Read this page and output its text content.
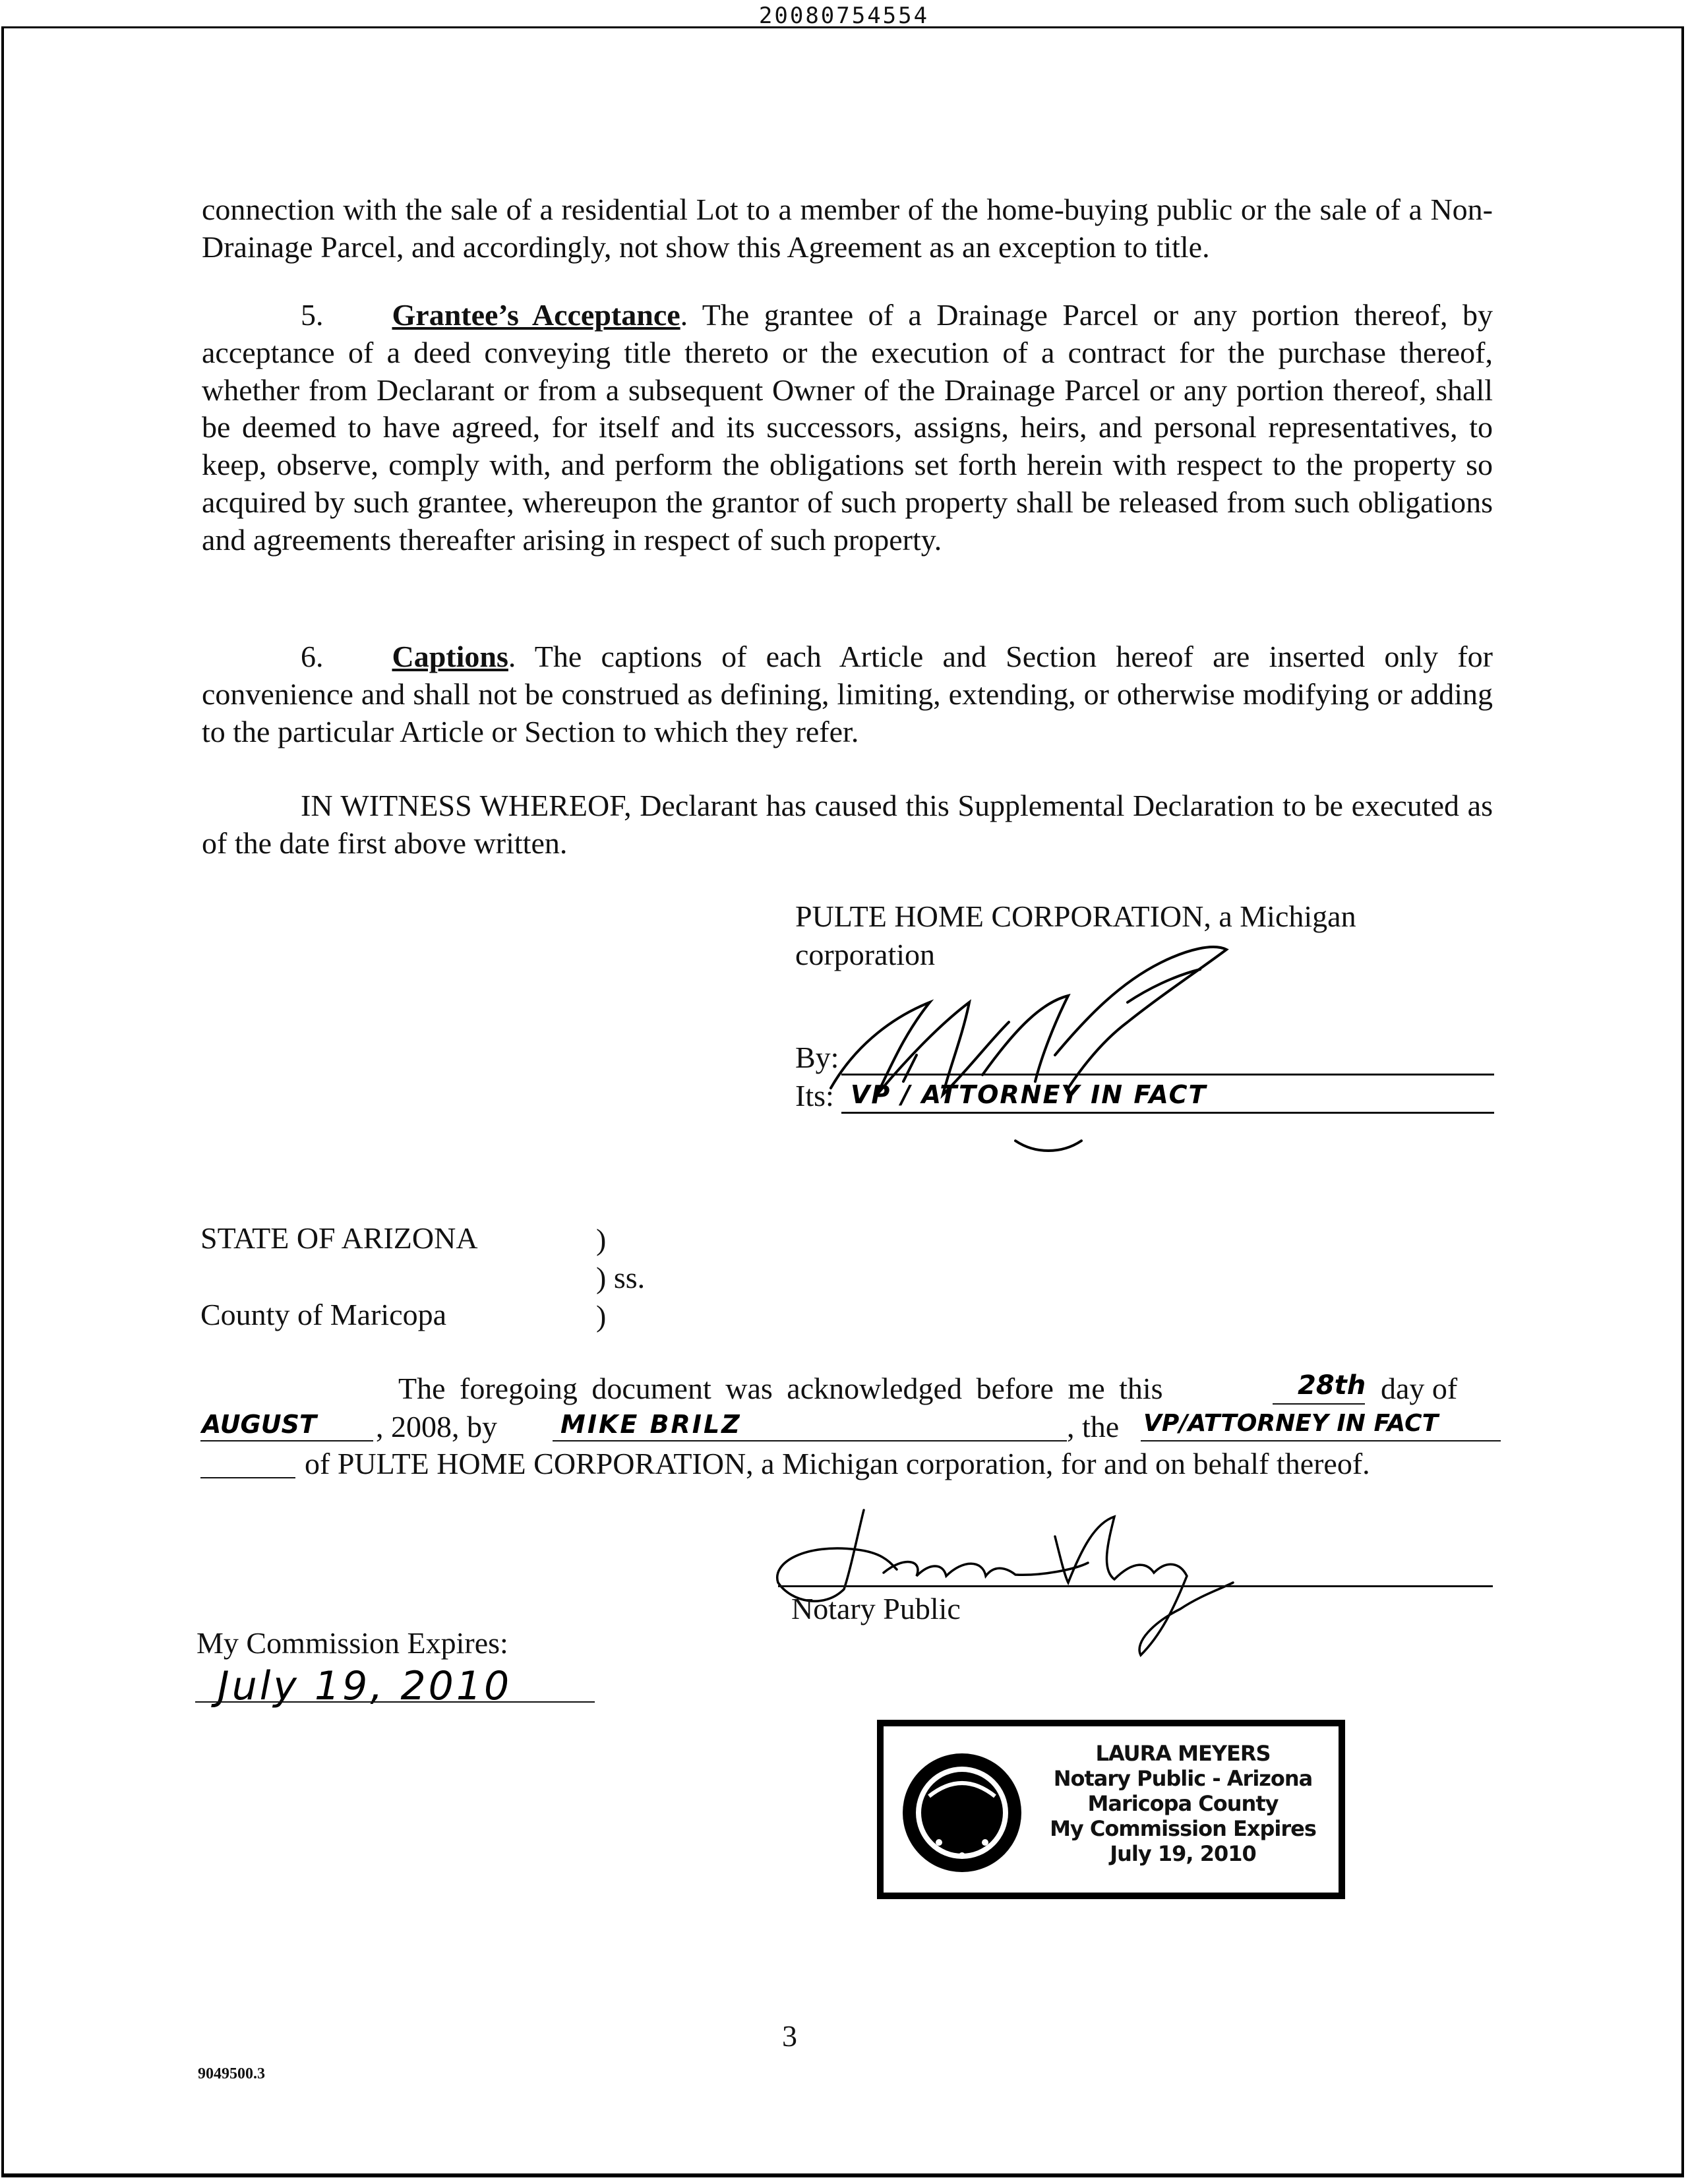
20080754554

connection with the sale of a residential Lot to a member of the home-buying public or the sale of a Non-Drainage Parcel, and accordingly, not show this Agreement as an exception to title.

5. Grantee’s Acceptance. The grantee of a Drainage Parcel or any portion thereof, by acceptance of a deed conveying title thereto or the execution of a contract for the purchase thereof, whether from Declarant or from a subsequent Owner of the Drainage Parcel or any portion thereof, shall be deemed to have agreed, for itself and its successors, assigns, heirs, and personal representatives, to keep, observe, comply with, and perform the obligations set forth herein with respect to the property so acquired by such grantee, whereupon the grantor of such property shall be released from such obligations and agreements thereafter arising in respect of such property.

6. Captions. The captions of each Article and Section hereof are inserted only for convenience and shall not be construed as defining, limiting, extending, or otherwise modifying or adding to the particular Article or Section to which they refer.

IN WITNESS WHEREOF, Declarant has caused this Supplemental Declaration to be executed as of the date first above written.

PULTE HOME CORPORATION, a Michigan
corporation
By:
Its: VP / ATTORNEY IN FACT
STATE OF ARIZONA	)
) ss.
County of Maricopa	)
The foregoing document was acknowledged before me this	28th day of
AUGUST , 2008, by	MIKE BRILZ	, the VP/ATTORNEY IN FACT
of PULTE HOME CORPORATION, a Michigan corporation, for and on behalf thereof.
Notary Public
My Commission Expires:
July 19, 2010
LAURA MEYERS
Notary Public - Arizona
Maricopa County
My Commission Expires
July 19, 2010
3
9049500.3
